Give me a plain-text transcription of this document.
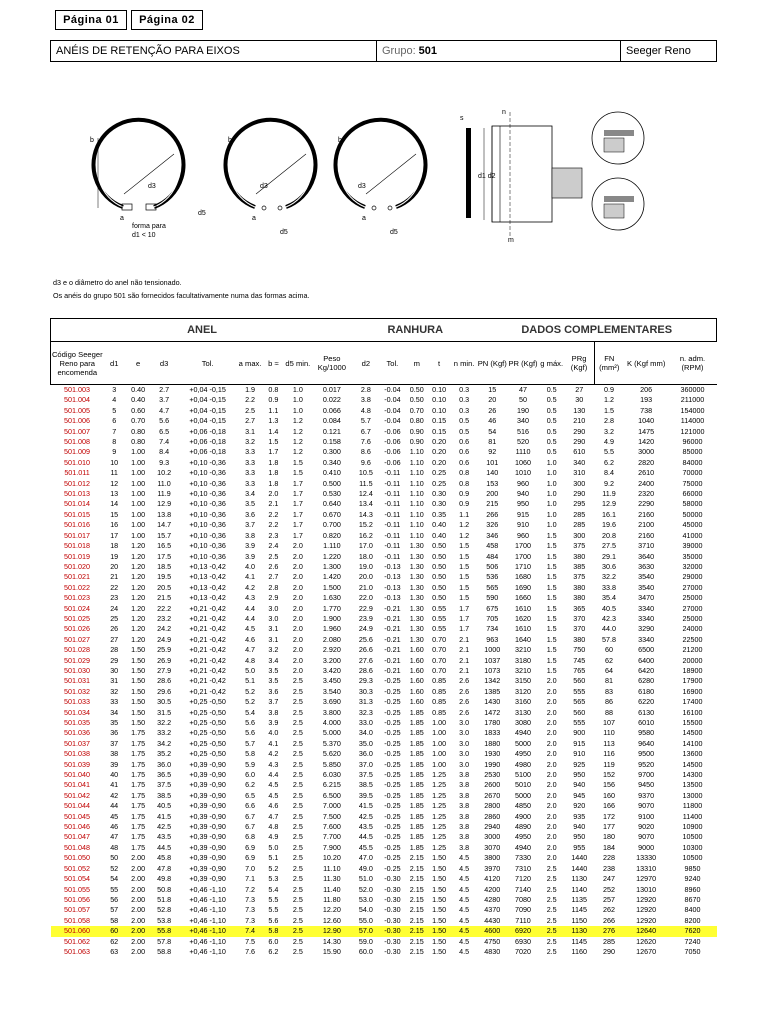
Página 01	Página 02
ANÉIS DE RETENÇÃO PARA EIXOS	Grupo: 501	Seeger Reno
b
d3
a
d5
forma para
d1 < 10
b
d3
a
d5
b
d3
a
d5
s
n
d1 d2
m
d3 e o diâmetro do anel não tensionado.
Os anéis do grupo 501 são fornecidos facultativamente numa das formas acima.
ANEL									RANHURA					DADOS COMPLEMENTARES						
Código Seeger Reno para encomenda	d1	e	d3	Tol.	a max.	b ≈	d5 min.	Peso Kg/1000	d2	Tol.	m	t	n min.	PN (Kgf)	PR (Kgf)	g máx.	PRg (Kgf)	FN (mm²)	K (Kgf mm)	n. adm. (RPM)
501.003	3	0.40	2.7	+0,04 -0,15	1.9	0.8	1.0	0.017	2.8	-0.04	0.50	0.10	0.3	15	47	0.5	27	0.9	206	360000
501.004	4	0.40	3.7	+0,04 -0,15	2.2	0.9	1.0	0.022	3.8	-0.04	0.50	0.10	0.3	20	50	0.5	30	1.2	193	211000
501.005	5	0.60	4.7	+0,04 -0,15	2.5	1.1	1.0	0.066	4.8	-0.04	0.70	0.10	0.3	26	190	0.5	130	1.5	738	154000
501.006	6	0.70	5.6	+0,04 -0,15	2.7	1.3	1.2	0.084	5.7	-0.04	0.80	0.15	0.5	46	340	0.5	210	2.8	1040	114000
501.007	7	0.80	6.5	+0,06 -0,18	3.1	1.4	1.2	0.121	6.7	-0.06	0.90	0.15	0.5	54	516	0.5	290	3.2	1475	121000
501.008	8	0.80	7.4	+0,06 -0,18	3.2	1.5	1.2	0.158	7.6	-0.06	0.90	0.20	0.6	81	520	0.5	290	4.9	1420	96000
501.009	9	1.00	8.4	+0,06 -0,18	3.3	1.7	1.2	0.300	8.6	-0.06	1.10	0.20	0.6	92	1110	0.5	610	5.5	3000	85000
501.010	10	1.00	9.3	+0,10 -0,36	3.3	1.8	1.5	0.340	9.6	-0.06	1.10	0.20	0.6	101	1060	1.0	340	6.2	2820	84000
501.011	11	1.00	10.2	+0,10 -0,36	3.3	1.8	1.5	0.410	10.5	-0.11	1.10	0.25	0.8	140	1010	1.0	310	8.4	2610	70000
501.012	12	1.00	11.0	+0,10 -0,36	3.3	1.8	1.7	0.500	11.5	-0.11	1.10	0.25	0.8	153	960	1.0	300	9.2	2400	75000
501.013	13	1.00	11.9	+0,10 -0,36	3.4	2.0	1.7	0.530	12.4	-0.11	1.10	0.30	0.9	200	940	1.0	290	11.9	2320	66000
501.014	14	1.00	12.9	+0,10 -0,36	3.5	2.1	1.7	0.640	13.4	-0.11	1.10	0.30	0.9	215	950	1.0	295	12.9	2290	58000
501.015	15	1.00	13.8	+0,10 -0,36	3.6	2.2	1.7	0.670	14.3	-0.11	1.10	0.35	1.1	266	915	1.0	285	16.1	2160	50000
501.016	16	1.00	14.7	+0,10 -0,36	3.7	2.2	1.7	0.700	15.2	-0.11	1.10	0.40	1.2	326	910	1.0	285	19.6	2100	45000
501.017	17	1.00	15.7	+0,10 -0,36	3.8	2.3	1.7	0.820	16.2	-0.11	1.10	0.40	1.2	346	960	1.5	300	20.8	2160	41000
501.018	18	1.20	16.5	+0,10 -0,36	3.9	2.4	2.0	1.110	17.0	-0.11	1.30	0.50	1.5	458	1700	1.5	375	27.5	3710	39000
501.019	19	1.20	17.5	+0,10 -0,36	3.9	2.5	2.0	1.220	18.0	-0.11	1.30	0.50	1.5	484	1700	1.5	380	29.1	3640	35000
501.020	20	1.20	18.5	+0,13 -0,42	4.0	2.6	2.0	1.300	19.0	-0.13	1.30	0.50	1.5	506	1710	1.5	385	30.6	3630	32000
501.021	21	1.20	19.5	+0,13 -0,42	4.1	2.7	2.0	1.420	20.0	-0.13	1.30	0.50	1.5	536	1680	1.5	375	32.2	3540	29000
501.022	22	1.20	20.5	+0,13 -0,42	4.2	2.8	2.0	1.500	21.0	-0.13	1.30	0.50	1.5	565	1690	1.5	380	33.8	3540	27000
501.023	23	1.20	21.5	+0,13 -0,42	4.3	2.9	2.0	1.630	22.0	-0.13	1.30	0.50	1.5	590	1660	1.5	380	35.4	3470	25000
501.024	24	1.20	22.2	+0,21 -0,42	4.4	3.0	2.0	1.770	22.9	-0.21	1.30	0.55	1.7	675	1610	1.5	365	40.5	3340	27000
501.025	25	1.20	23.2	+0,21 -0,42	4.4	3.0	2.0	1.900	23.9	-0.21	1.30	0.55	1.7	705	1620	1.5	370	42.3	3340	25000
501.026	26	1.20	24.2	+0,21 -0,42	4.5	3.1	2.0	1.960	24.9	-0.21	1.30	0.55	1.7	734	1610	1.5	370	44.0	3290	24000
501.027	27	1.20	24.9	+0,21 -0,42	4.6	3.1	2.0	2.080	25.6	-0.21	1.30	0.70	2.1	963	1640	1.5	380	57.8	3340	22500
501.028	28	1.50	25.9	+0,21 -0,42	4.7	3.2	2.0	2.920	26.6	-0.21	1.60	0.70	2.1	1000	3210	1.5	750	60	6500	21200
501.029	29	1.50	26.9	+0,21 -0,42	4.8	3.4	2.0	3.200	27.6	-0.21	1.60	0.70	2.1	1037	3180	1.5	745	62	6400	20000
501.030	30	1.50	27.9	+0,21 -0,42	5.0	3.5	2.0	3.420	28.6	-0.21	1.60	0.70	2.1	1073	3210	1.5	765	64	6420	18900
501.031	31	1.50	28.6	+0,21 -0,42	5.1	3.5	2.5	3.450	29.3	-0.25	1.60	0.85	2.6	1342	3150	2.0	560	81	6280	17900
501.032	32	1.50	29.6	+0,21 -0,42	5.2	3.6	2.5	3.540	30.3	-0.25	1.60	0.85	2.6	1385	3120	2.0	555	83	6180	16900
501.033	33	1.50	30.5	+0,25 -0,50	5.2	3.7	2.5	3.690	31.3	-0.25	1.60	0.85	2.6	1430	3160	2.0	565	86	6220	17400
501.034	34	1.50	31.5	+0,25 -0,50	5.4	3.8	2.5	3.800	32.3	-0.25	1.85	0.85	2.6	1472	3130	2.0	560	88	6130	16100
501.035	35	1.50	32.2	+0,25 -0,50	5.6	3.9	2.5	4.000	33.0	-0.25	1.85	1.00	3.0	1780	3080	2.0	555	107	6010	15500
501.036	36	1.75	33.2	+0,25 -0,50	5.6	4.0	2.5	5.000	34.0	-0.25	1.85	1.00	3.0	1833	4940	2.0	900	110	9580	14500
501.037	37	1.75	34.2	+0,25 -0,50	5.7	4.1	2.5	5.370	35.0	-0.25	1.85	1.00	3.0	1880	5000	2.0	915	113	9640	14100
501.038	38	1.75	35.2	+0,25 -0,50	5.8	4.2	2.5	5.620	36.0	-0.25	1.85	1.00	3.0	1930	4950	2.0	910	116	9500	13600
501.039	39	1.75	36.0	+0,39 -0,90	5.9	4.3	2.5	5.850	37.0	-0.25	1.85	1.00	3.0	1990	4980	2.0	925	119	9520	14500
501.040	40	1.75	36.5	+0,39 -0,90	6.0	4.4	2.5	6.030	37.5	-0.25	1.85	1.25	3.8	2530	5100	2.0	950	152	9700	14300
501.041	41	1.75	37.5	+0,39 -0,90	6.2	4.5	2.5	6.215	38.5	-0.25	1.85	1.25	3.8	2600	5010	2.0	940	156	9450	13500
501.042	42	1.75	38.5	+0,39 -0,90	6.5	4.5	2.5	6.500	39.5	-0.25	1.85	1.25	3.8	2670	5000	2.0	945	160	9370	13000
501.044	44	1.75	40.5	+0,39 -0,90	6.6	4.6	2.5	7.000	41.5	-0.25	1.85	1.25	3.8	2800	4850	2.0	920	166	9070	11800
501.045	45	1.75	41.5	+0,39 -0,90	6.7	4.7	2.5	7.500	42.5	-0.25	1.85	1.25	3.8	2860	4900	2.0	935	172	9100	11400
501.046	46	1.75	42.5	+0,39 -0,90	6.7	4.8	2.5	7.600	43.5	-0.25	1.85	1.25	3.8	2940	4890	2.0	940	177	9020	10900
501.047	47	1.75	43.5	+0,39 -0,90	6.8	4.9	2.5	7.700	44.5	-0.25	1.85	1.25	3.8	3000	4950	2.0	950	180	9070	10500
501.048	48	1.75	44.5	+0,39 -0,90	6.9	5.0	2.5	7.900	45.5	-0.25	1.85	1.25	3.8	3070	4940	2.0	955	184	9000	10300
501.050	50	2.00	45.8	+0,39 -0,90	6.9	5.1	2.5	10.20	47.0	-0.25	2.15	1.50	4.5	3800	7330	2.0	1440	228	13330	10500
501.052	52	2.00	47.8	+0,39 -0,90	7.0	5.2	2.5	11.10	49.0	-0.25	2.15	1.50	4.5	3970	7310	2.5	1440	238	13310	9850
501.054	54	2.00	49.8	+0,39 -0,90	7.1	5.3	2.5	11.30	51.0	-0.30	2.15	1.50	4.5	4120	7120	2.5	1130	247	12970	9240
501.055	55	2.00	50.8	+0,46 -1,10	7.2	5.4	2.5	11.40	52.0	-0.30	2.15	1.50	4.5	4200	7140	2.5	1140	252	13010	8960
501.056	56	2.00	51.8	+0,46 -1,10	7.3	5.5	2.5	11.80	53.0	-0.30	2.15	1.50	4.5	4280	7080	2.5	1135	257	12920	8670
501.057	57	2.00	52.8	+0,46 -1,10	7.3	5.5	2.5	12.20	54.0	-0.30	2.15	1.50	4.5	4370	7090	2.5	1145	262	12920	8400
501.058	58	2.00	53.8	+0,46 -1,10	7.3	5.6	2.5	12.60	55.0	-0.30	2.15	1.50	4.5	4430	7110	2.5	1150	266	12920	8200
501.060	60	2.00	55.8	+0,46 -1,10	7.4	5.8	2.5	12.90	57.0	-0.30	2.15	1.50	4.5	4600	6920	2.5	1130	276	12640	7620
501.062	62	2.00	57.8	+0,46 -1,10	7.5	6.0	2.5	14.30	59.0	-0.30	2.15	1.50	4.5	4750	6930	2.5	1145	285	12620	7240
501.063	63	2.00	58.8	+0,46 -1,10	7.6	6.2	2.5	15.90	60.0	-0.30	2.15	1.50	4.5	4830	7020	2.5	1160	290	12670	7050
